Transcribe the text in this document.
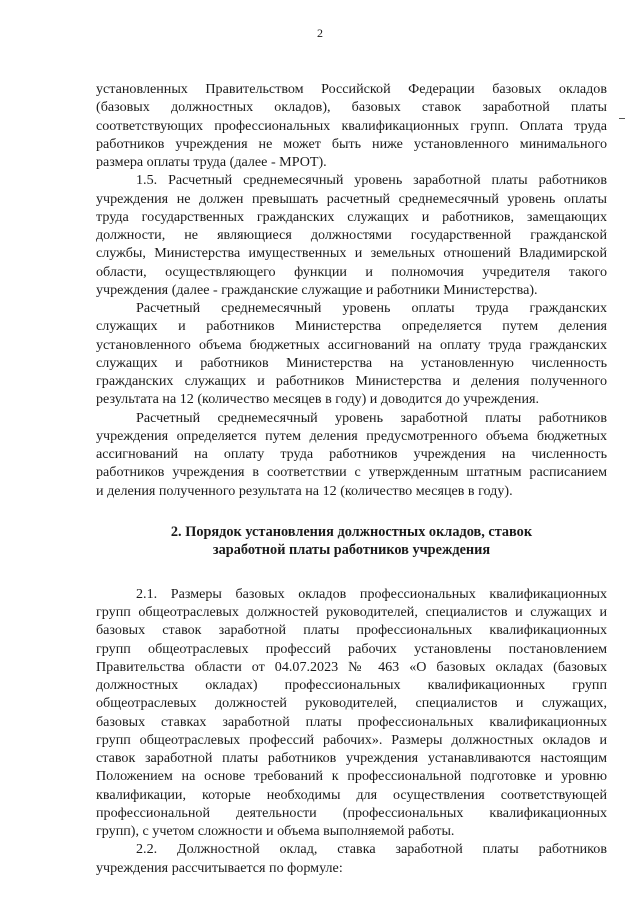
2

установленных Правительством Российской Федерации базовых окладов
(базовых должностных окладов), базовых ставок заработной платы
соответствующих профессиональных квалификационных групп. Оплата труда
работников учреждения не может быть ниже установленного минимального
размера оплаты труда (далее - МРОТ).

1.5. Расчетный среднемесячный уровень заработной платы работников
учреждения не должен превышать расчетный среднемесячный уровень оплаты
труда государственных гражданских служащих и работников, замещающих
должности, не являющиеся должностями государственной гражданской
службы, Министерства имущественных и земельных отношений Владимирской
области, осуществляющего функции и полномочия учредителя такого
учреждения (далее - гражданские служащие и работники Министерства).

Расчетный среднемесячный уровень оплаты труда гражданских
служащих и работников Министерства определяется путем деления
установленного объема бюджетных ассигнований на оплату труда гражданских
служащих и работников Министерства на установленную численность
гражданских служащих и работников Министерства и деления полученного
результата на 12 (количество месяцев в году) и доводится до учреждения.

Расчетный среднемесячный уровень заработной платы работников
учреждения определяется путем деления предусмотренного объема бюджетных
ассигнований на оплату труда работников учреждения на численность
работников учреждения в соответствии с утвержденным штатным расписанием
и деления полученного результата на 12 (количество месяцев в году).

2. Порядок установления должностных окладов, ставок
заработной платы работников учреждения

2.1. Размеры базовых окладов профессиональных квалификационных
групп общеотраслевых должностей руководителей, специалистов и служащих и
базовых ставок заработной платы профессиональных квалификационных
групп общеотраслевых профессий рабочих установлены постановлением
Правительства области от 04.07.2023 № 463 «О базовых окладах (базовых
должностных окладах) профессиональных квалификационных групп
общеотраслевых должностей руководителей, специалистов и служащих,
базовых ставках заработной платы профессиональных квалификационных
групп общеотраслевых профессий рабочих». Размеры должностных окладов и
ставок заработной платы работников учреждения устанавливаются настоящим
Положением на основе требований к профессиональной подготовке и уровню
квалификации, которые необходимы для осуществления соответствующей
профессиональной деятельности (профессиональных квалификационных
групп), с учетом сложности и объема выполняемой работы.

2.2. Должностной оклад, ставка заработной платы работников
учреждения рассчитывается по формуле:
